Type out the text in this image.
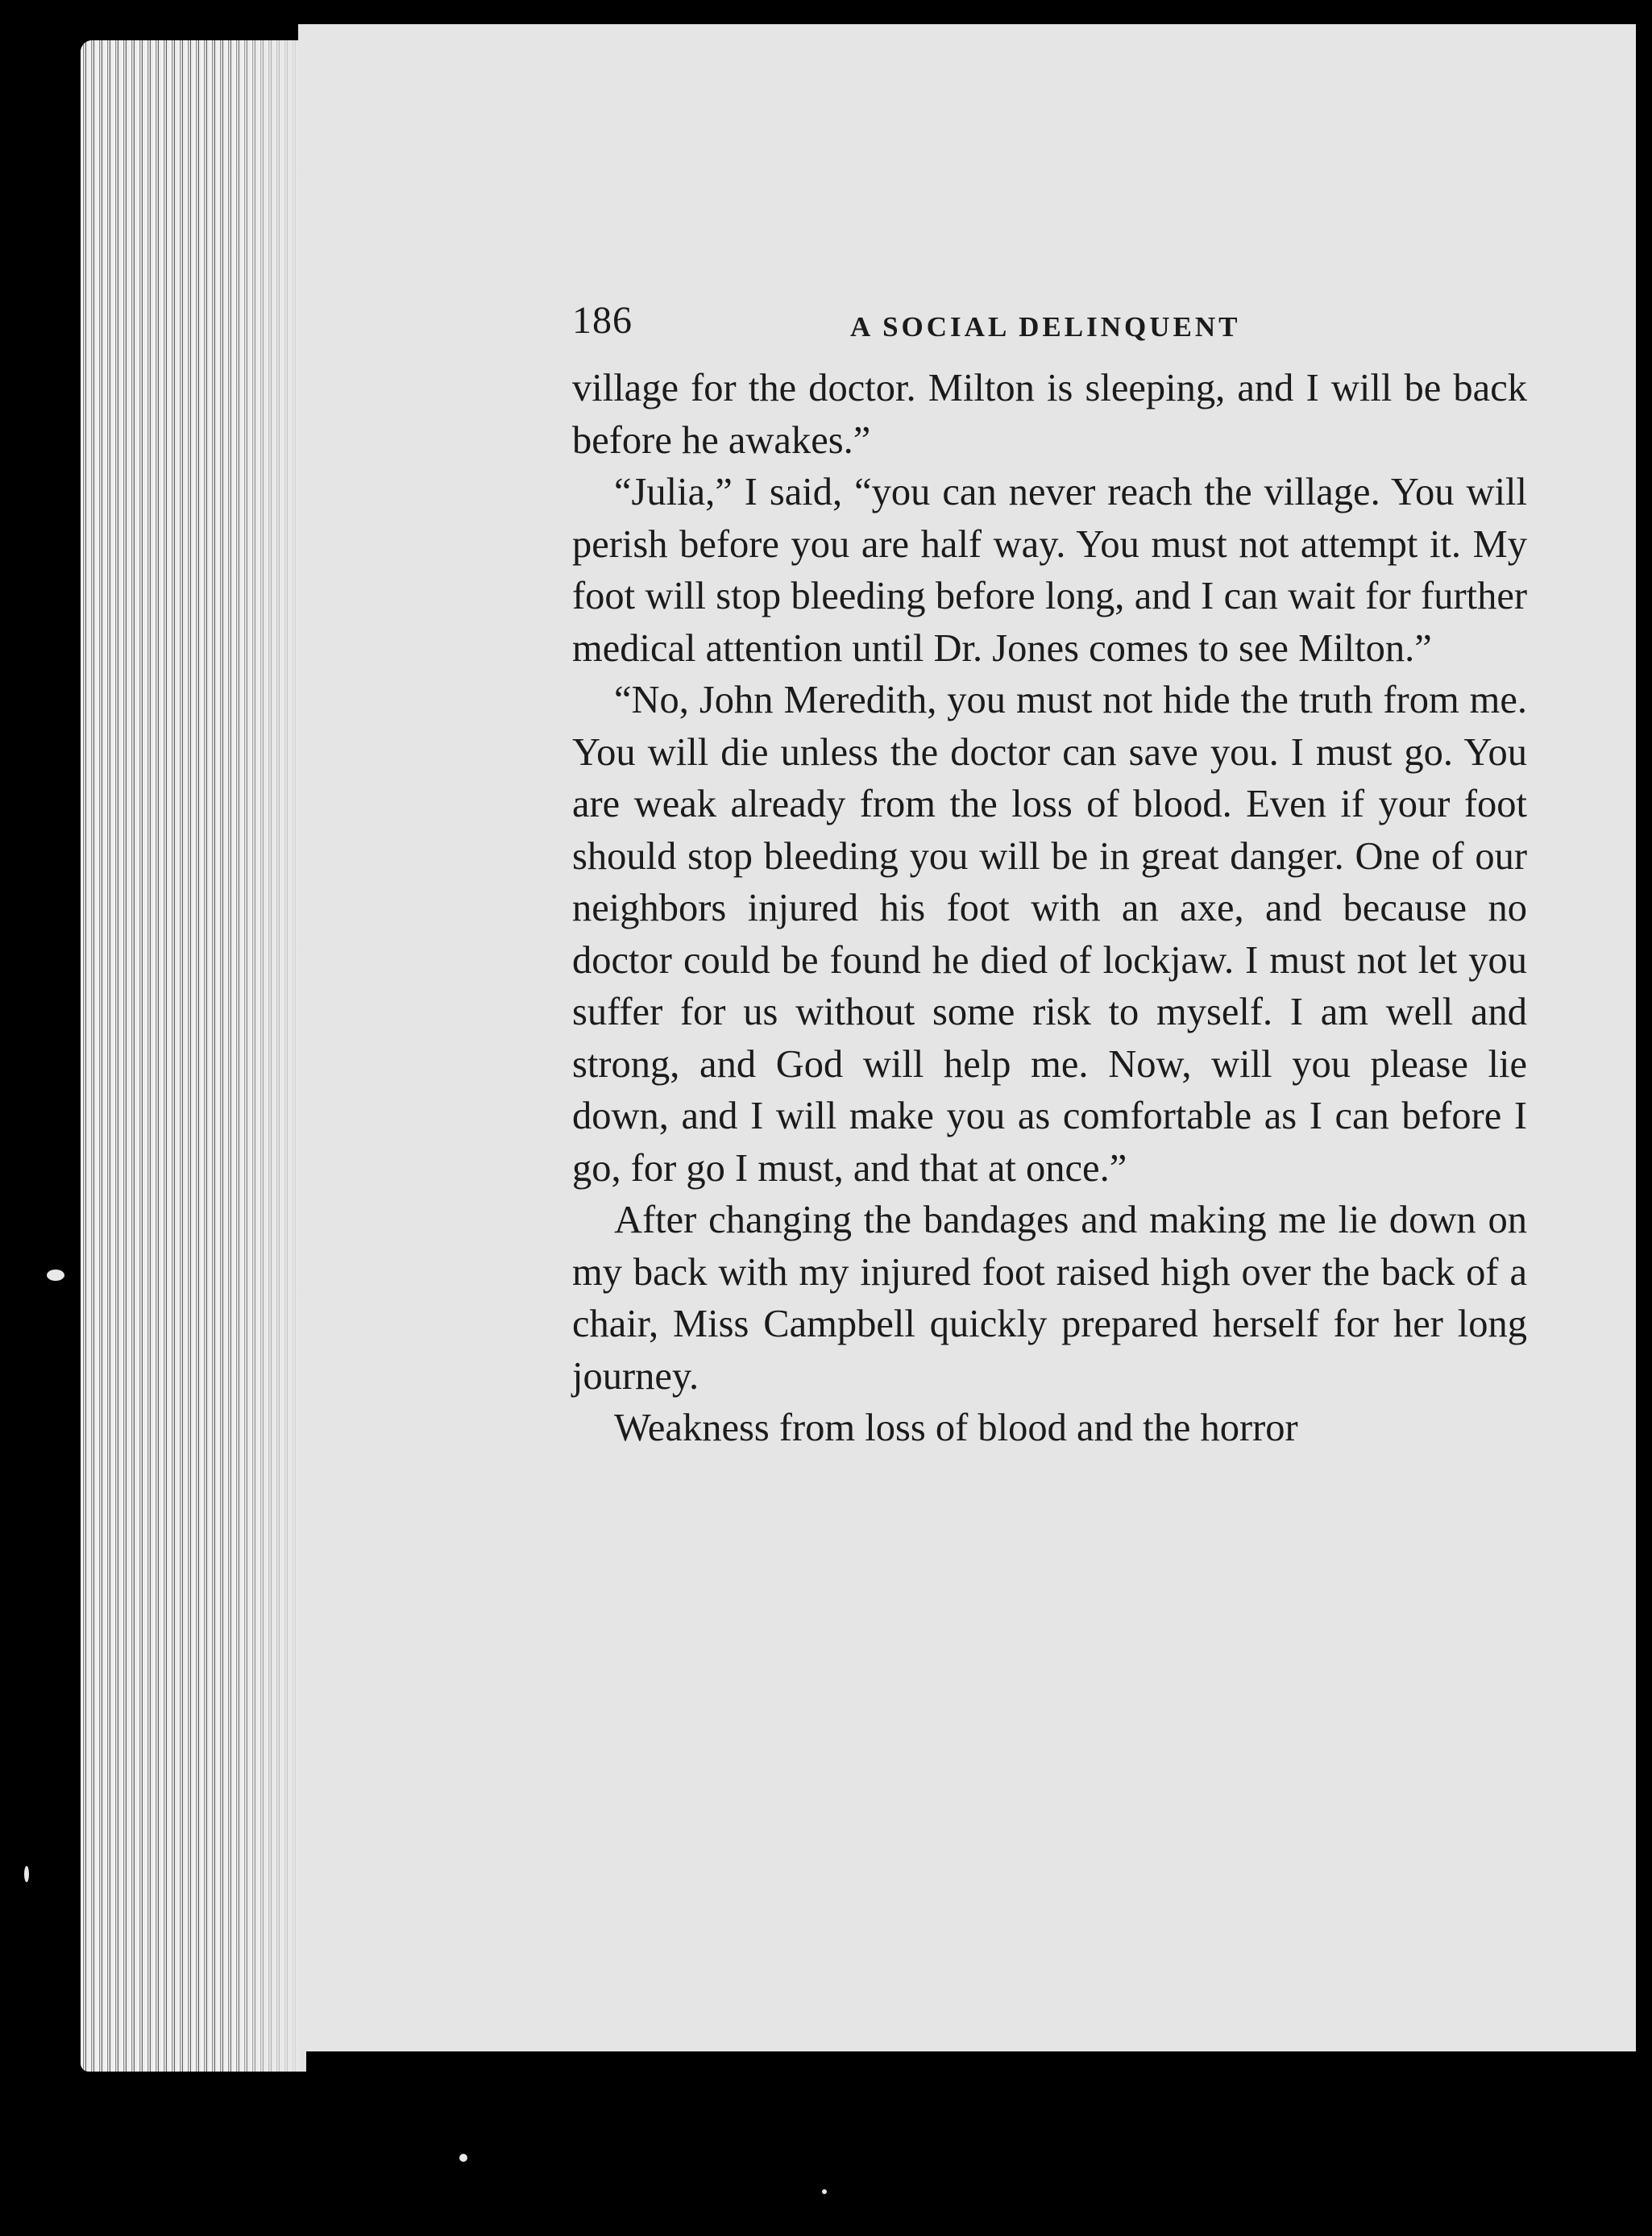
186	A SOCIAL DELINQUENT

village for the doctor. Milton is sleeping, and I will be back before he awakes.”

“Julia,” I said, “you can never reach the village. You will perish before you are half way. You must not attempt it. My foot will stop bleeding before long, and I can wait for further medical attention until Dr. Jones comes to see Milton.”

“No, John Meredith, you must not hide the truth from me. You will die unless the doctor can save you. I must go. You are weak already from the loss of blood. Even if your foot should stop bleeding you will be in great danger. One of our neighbors injured his foot with an axe, and because no doctor could be found he died of lockjaw. I must not let you suffer for us without some risk to myself. I am well and strong, and God will help me. Now, will you please lie down, and I will make you as comfortable as I can before I go, for go I must, and that at once.”

After changing the bandages and making me lie down on my back with my injured foot raised high over the back of a chair, Miss Campbell quickly prepared herself for her long journey.

Weakness from loss of blood and the horror
